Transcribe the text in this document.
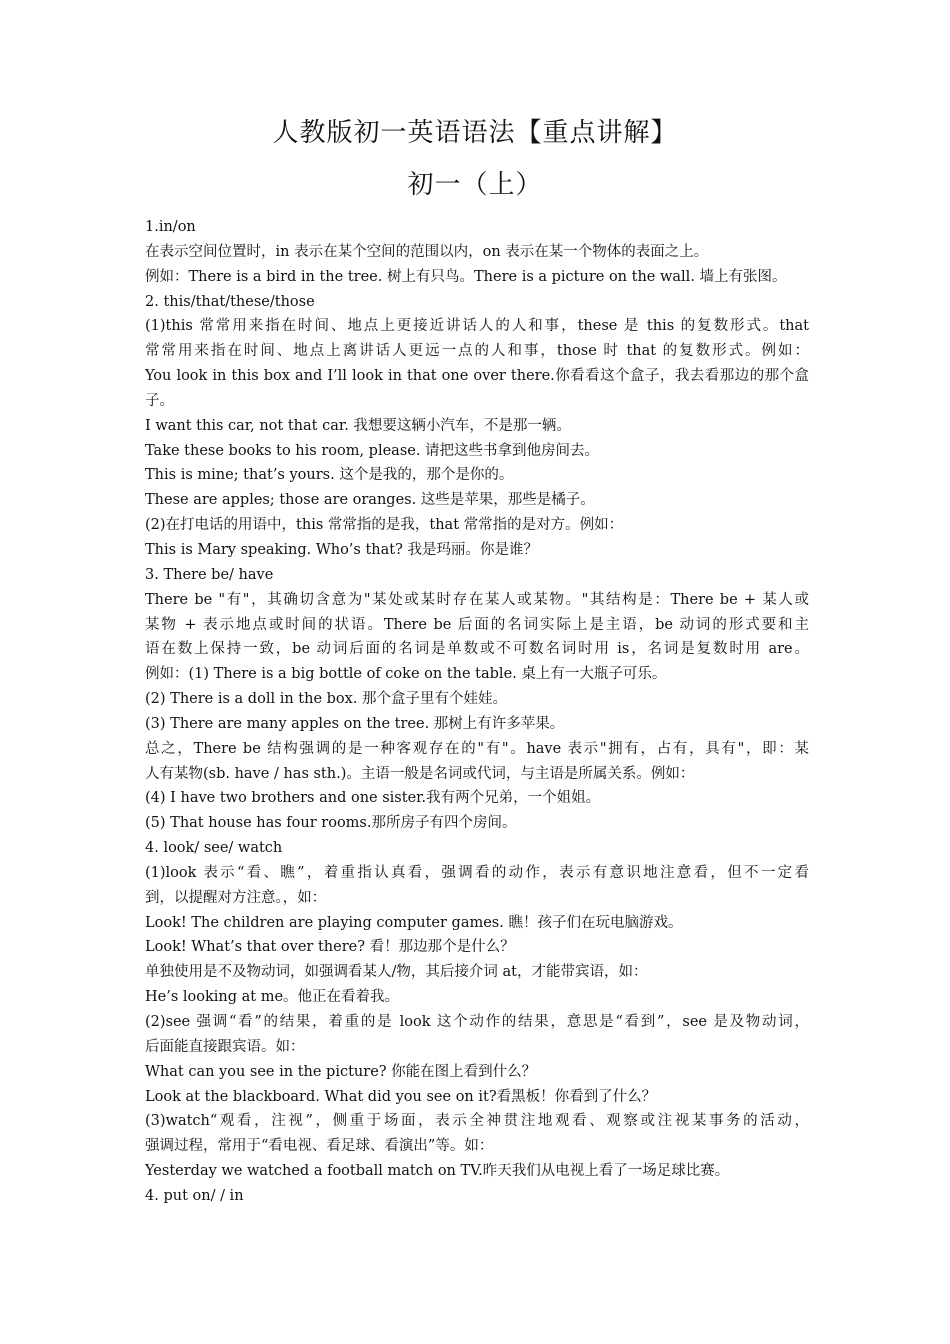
人教版初一英语语法【重点讲解】
初一（上）
1.in/on
在表示空间位置时，in 表示在某个空间的范围以内，on 表示在某一个物体的表面之上。
例如：There is a bird in the tree. 树上有只鸟。There is a picture on the wall. 墙上有张图。
2. this/that/these/those
(1)this 常常用来指在时间、地点上更接近讲话人的人和事，these 是 this 的复数形式。that
常常用来指在时间、地点上离讲话人更远一点的人和事，those 时 that 的复数形式。例如：
You look in this box and I’ll look in that one over there.你看看这个盒子，我去看那边的那个盒
子。
I want this car, not that car. 我想要这辆小汽车，不是那一辆。
Take these books to his room, please. 请把这些书拿到他房间去。
This is mine; that’s yours. 这个是我的，那个是你的。
These are apples; those are oranges. 这些是苹果，那些是橘子。
(2)在打电话的用语中，this 常常指的是我，that 常常指的是对方。例如：
This is Mary speaking. Who’s that? 我是玛丽。你是谁？
3. There be/ have
There be "有"，其确切含意为"某处或某时存在某人或某物。"其结构是：There be + 某人或
某物 + 表示地点或时间的状语。There be 后面的名词实际上是主语，be 动词的形式要和主
语在数上保持一致，be 动词后面的名词是单数或不可数名词时用 is，名词是复数时用 are。
例如：(1) There is a big bottle of coke on the table. 桌上有一大瓶子可乐。
(2) There is a doll in the box. 那个盒子里有个娃娃。
(3) There are many apples on the tree. 那树上有许多苹果。
总之，There be 结构强调的是一种客观存在的"有"。have 表示"拥有，占有，具有"，即：某
人有某物(sb. have / has sth.)。主语一般是名词或代词，与主语是所属关系。例如：
(4) I have two brothers and one sister.我有两个兄弟，一个姐姐。
(5) That house has four rooms.那所房子有四个房间。
4. look/ see/ watch
(1)look 表示“看、瞧”，着重指认真看，强调看的动作，表示有意识地注意看，但不一定看
到，以提醒对方注意。，如：
Look! The children are playing computer games. 瞧！孩子们在玩电脑游戏。
Look! What’s that over there? 看！那边那个是什么？
单独使用是不及物动词，如强调看某人/物，其后接介词 at，才能带宾语，如：
He’s looking at me。他正在看着我。
(2)see 强调“看”的结果，着重的是 look 这个动作的结果，意思是“看到”，see 是及物动词，
后面能直接跟宾语。如：
What can you see in the picture? 你能在图上看到什么？
Look at the blackboard. What did you see on it?看黑板！你看到了什么？
(3)watch“观看，注视”，侧重于场面，表示全神贯注地观看、观察或注视某事务的活动，
强调过程，常用于“看电视、看足球、看演出”等。如：
Yesterday we watched a football match on TV.昨天我们从电视上看了一场足球比赛。
4. put on/ / in
